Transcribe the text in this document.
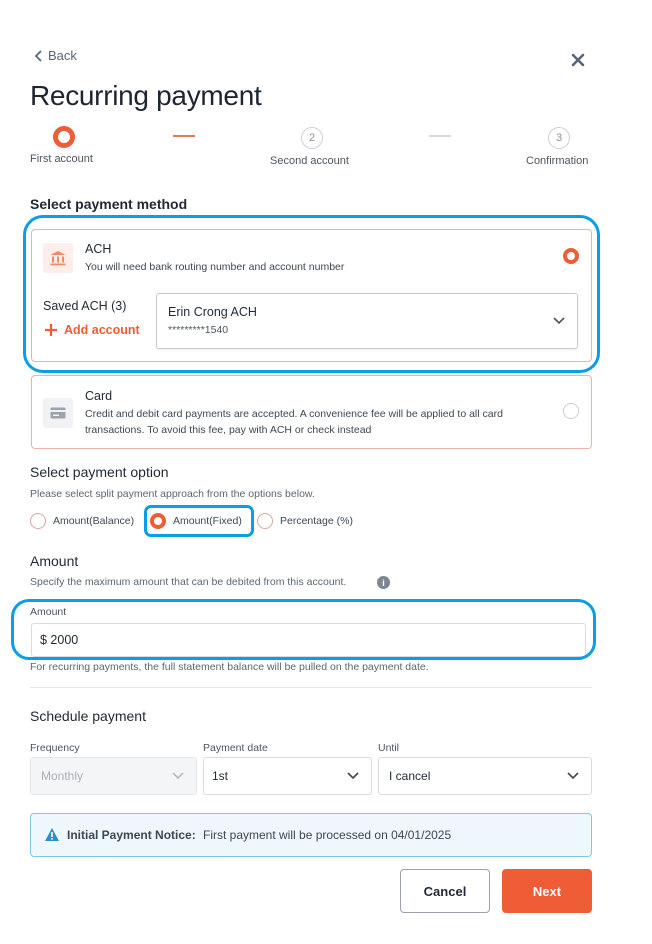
Back
Recurring payment
First account
2
Second account
3
Confirmation
Select payment method
ACH
You will need bank routing number and account number
Saved ACH (3)
Add account
Erin Crong ACH
*********1540
Card
Credit and debit card payments are accepted. A convenience fee will be applied to all card
transactions. To avoid this fee, pay with ACH or check instead
Select payment option
Please select split payment approach from the options below.
Amount(Balance)	Amount(Fixed)	Percentage (%)
Amount
Specify the maximum amount that can be debited from this account.	i
Amount
$ 2000
For recurring payments, the full statement balance will be pulled on the payment date.
Schedule payment
Frequency
Monthly
Payment date
1st
Until
I cancel
Initial Payment Notice: First payment will be processed on 04/01/2025
Cancel	Next
